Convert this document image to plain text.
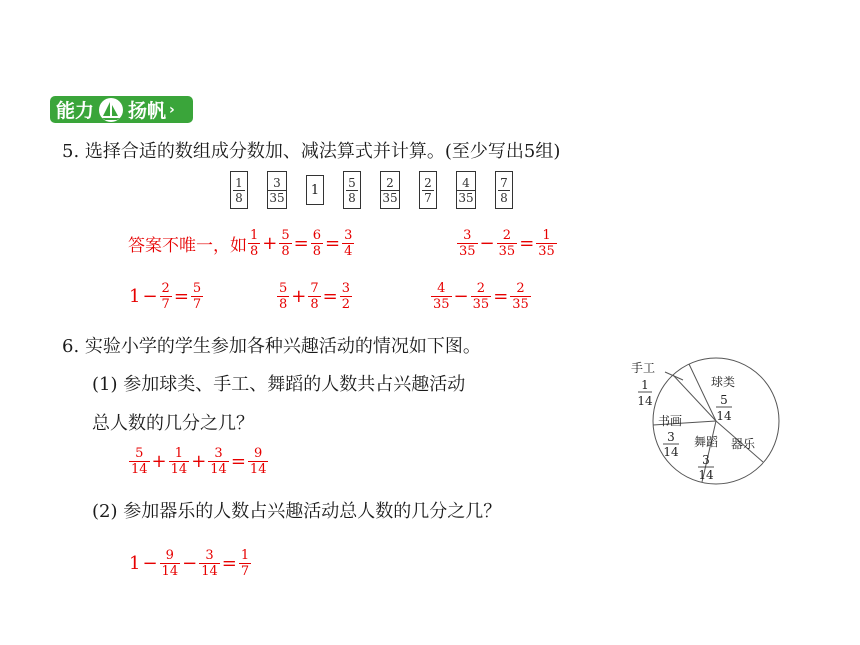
能力 扬帆 ›
5. 选择合适的数组成分数加、减法算式并计算。(至少写出5组)
$\frac{1}{8} \frac{3}{35}$	1	$\frac{5}{8} \frac{2}{35} \frac{2}{7} \frac{4}{35} \frac{7}{8}$
答案不唯一，如 $\frac{1}{8} + \frac{5}{8} = \frac{6}{8} = \frac{3}{4}$	$\frac{3}{35} - \frac{2}{35} = \frac{1}{35}$
$1 - \frac{2}{7} = \frac{5}{7}$	$\frac{5}{8} + \frac{7}{8} = \frac{3}{2}$	$\frac{4}{35} - \frac{2}{35} = \frac{2}{35}$
6. 实验小学的学生参加各种兴趣活动的情况如下图。
(1) 参加球类、手工、舞蹈的人数共占兴趣活动
总人数的几分之几？
$\frac{5}{14} + \frac{1}{14} + \frac{3}{14} = \frac{9}{14}$
(2) 参加器乐的人数占兴趣活动总人数的几分之几？
$1 - \frac{9}{14} - \frac{3}{14} = \frac{1}{7}$
手工
1
14
球类
5
14
书画
3
14
舞蹈
3
14
器乐
